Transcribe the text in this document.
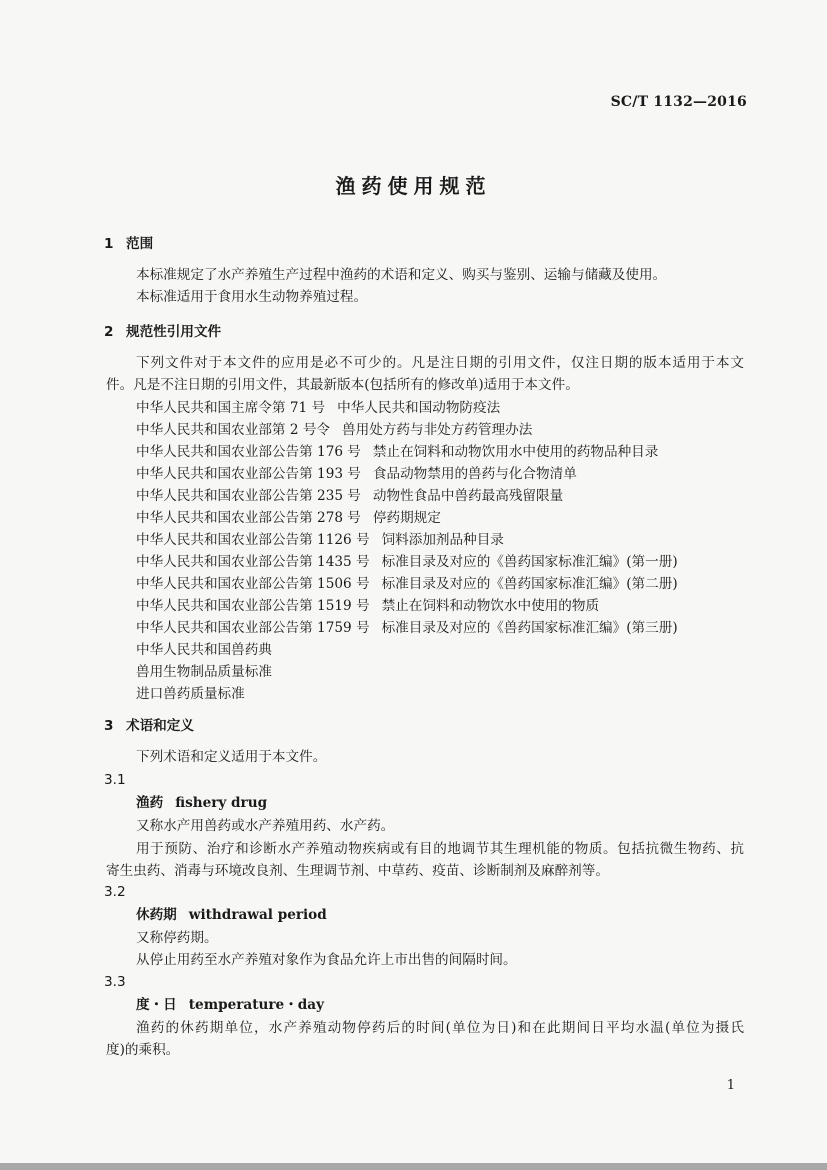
SC/T 1132—2016
渔药使用规范
1 范围
本标准规定了水产养殖生产过程中渔药的术语和定义、购买与鉴别、运输与储藏及使用。
本标准适用于食用水生动物养殖过程。
2 规范性引用文件
下列文件对于本文件的应用是必不可少的。凡是注日期的引用文件，仅注日期的版本适用于本文
件。凡是不注日期的引用文件，其最新版本(包括所有的修改单)适用于本文件。
中华人民共和国主席令第 71 号 中华人民共和国动物防疫法
中华人民共和国农业部第 2 号令 兽用处方药与非处方药管理办法
中华人民共和国农业部公告第 176 号 禁止在饲料和动物饮用水中使用的药物品种目录
中华人民共和国农业部公告第 193 号 食品动物禁用的兽药与化合物清单
中华人民共和国农业部公告第 235 号 动物性食品中兽药最高残留限量
中华人民共和国农业部公告第 278 号 停药期规定
中华人民共和国农业部公告第 1126 号 饲料添加剂品种目录
中华人民共和国农业部公告第 1435 号 标准目录及对应的《兽药国家标准汇编》(第一册)
中华人民共和国农业部公告第 1506 号 标准目录及对应的《兽药国家标准汇编》(第二册)
中华人民共和国农业部公告第 1519 号 禁止在饲料和动物饮水中使用的物质
中华人民共和国农业部公告第 1759 号 标准目录及对应的《兽药国家标准汇编》(第三册)
中华人民共和国兽药典
兽用生物制品质量标准
进口兽药质量标准
3 术语和定义
下列术语和定义适用于本文件。
3.1
渔药 fishery drug
又称水产用兽药或水产养殖用药、水产药。
用于预防、治疗和诊断水产养殖动物疾病或有目的地调节其生理机能的物质。包括抗微生物药、抗
寄生虫药、消毒与环境改良剂、生理调节剂、中草药、疫苗、诊断制剂及麻醉剂等。
3.2
休药期 withdrawal period
又称停药期。
从停止用药至水产养殖对象作为食品允许上市出售的间隔时间。
3.3
度・日 temperature・day
渔药的休药期单位，水产养殖动物停药后的时间(单位为日)和在此期间日平均水温(单位为摄氏
度)的乘积。
1
